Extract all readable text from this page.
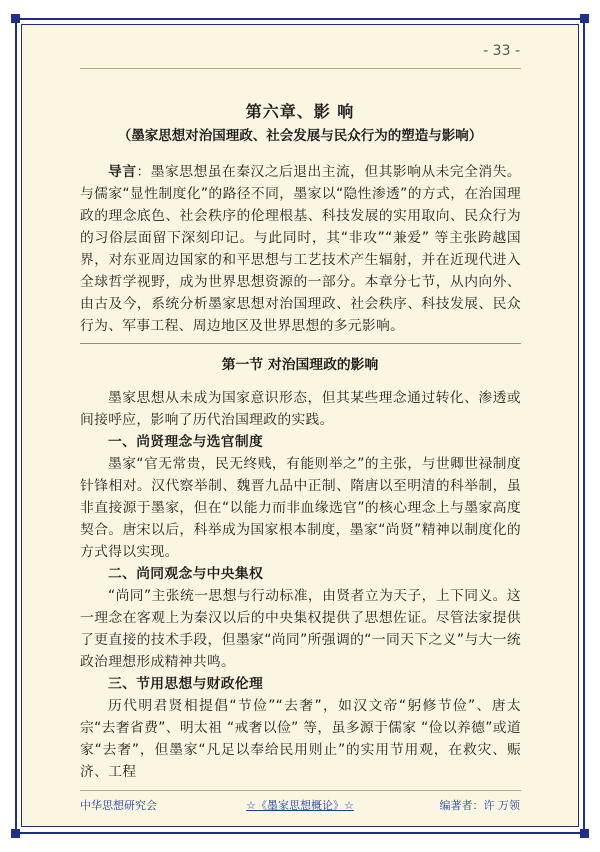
- 33 -
第六章、影 响
（墨家思想对治国理政、社会发展与民众行为的塑造与影响）

导言：墨家思想虽在秦汉之后退出主流，但其影响从未完全消失。与儒家“显性制度化”的路径不同，墨家以“隐性渗透”的方式，在治国理政的理念底色、社会秩序的伦理根基、科技发展的实用取向、民众行为的习俗层面留下深刻印记。与此同时，其“非攻”“兼爱” 等主张跨越国界，对东亚周边国家的和平思想与工艺技术产生辐射，并在近现代进入全球哲学视野，成为世界思想资源的一部分。本章分七节，从内向外、由古及今，系统分析墨家思想对治国理政、社会秩序、科技发展、民众行为、军事工程、周边地区及世界思想的多元影响。

第一节 对治国理政的影响

墨家思想从未成为国家意识形态，但其某些理念通过转化、渗透或间接呼应，影响了历代治国理政的实践。

一、尚贤理念与选官制度

墨家“官无常贵，民无终贱，有能则举之”的主张，与世卿世禄制度针锋相对。汉代察举制、魏晋九品中正制、隋唐以至明清的科举制，虽非直接源于墨家，但在“以能力而非血缘选官”的核心理念上与墨家高度契合。唐宋以后，科举成为国家根本制度，墨家“尚贤”精神以制度化的方式得以实现。

二、尚同观念与中央集权

“尚同”主张统一思想与行动标准，由贤者立为天子，上下同义。这一理念在客观上为秦汉以后的中央集权提供了思想佐证。尽管法家提供了更直接的技术手段，但墨家“尚同”所强调的“一同天下之义”与大一统政治理想形成精神共鸣。

三、节用思想与财政伦理

历代明君贤相提倡“节俭”“去奢”，如汉文帝“躬修节俭”、唐太宗“去奢省费”、明太祖 “戒奢以俭” 等，虽多源于儒家 “俭以养德”或道家“去奢”，但墨家“凡足以奉给民用则止”的实用节用观，在救灾、赈济、工程

中华思想研究会	☆《墨家思想概论》☆	编著者：许 万领
